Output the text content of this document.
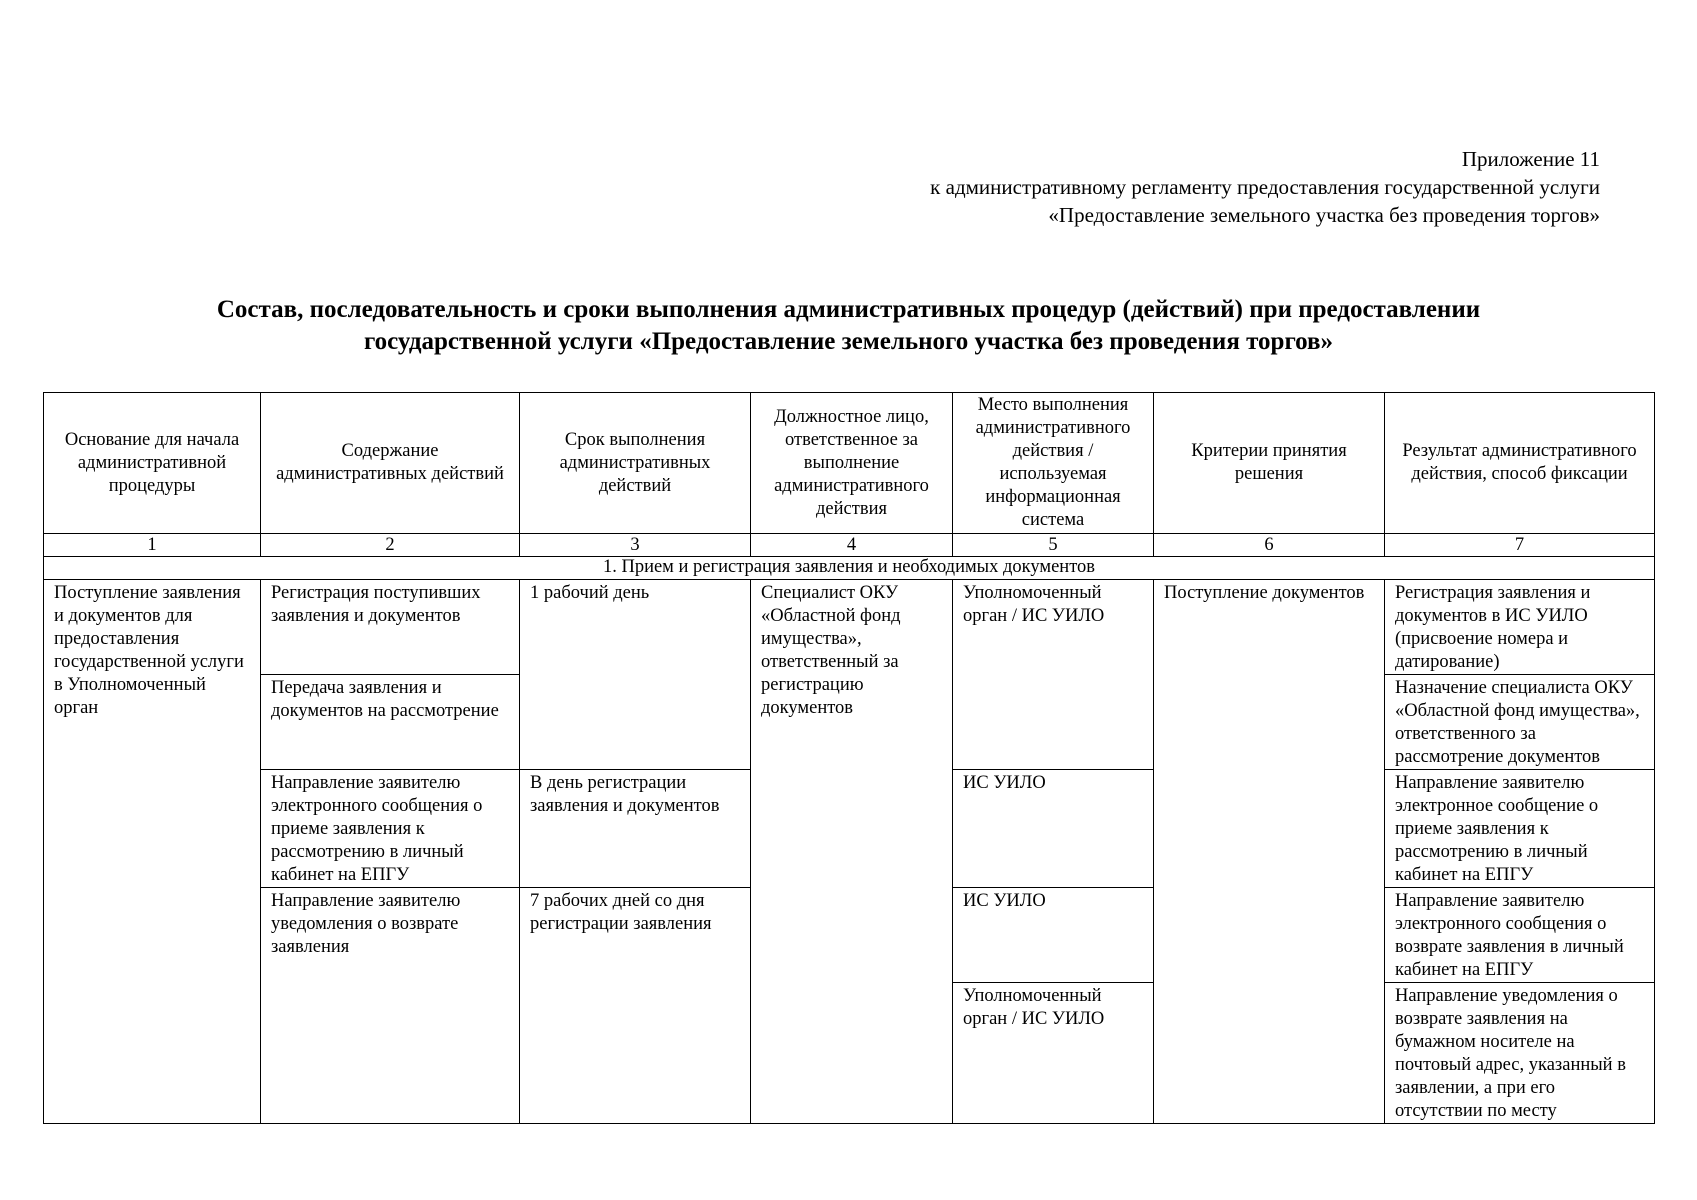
Приложение 11
к административному регламенту предоставления государственной услуги
«Предоставление земельного участка без проведения торгов»
Состав, последовательность и сроки выполнения административных процедур (действий) при предоставлении
государственной услуги «Предоставление земельного участка без проведения торгов»
Основание для начала административной процедуры	Содержание административных действий	Срок выполнения административных действий	Должностное лицо, ответственное за выполнение административного действия	Место выполнения административного действия / используемая информационная система	Критерии принятия решения	Результат административного действия, способ фиксации
1	2	3	4	5	6	7
1. Прием и регистрация заявления и необходимых документов						
Поступление заявления и документов для предоставления государственной услуги в Уполномоченный орган	Регистрация поступивших заявления и документов	1 рабочий день	Специалист ОКУ «Областной фонд имущества», ответственный за регистрацию документов	Уполномоченный орган / ИС УИЛО	Поступление документов	Регистрация заявления и документов в ИС УИЛО (присвоение номера и датирование)
	Передача заявления и документов на рассмотрение					Назначение специалиста ОКУ «Областной фонд имущества», ответственного за рассмотрение документов
	Направление заявителю электронного сообщения о приеме заявления к рассмотрению в личный кабинет на ЕПГУ	В день регистрации заявления и документов		ИС УИЛО		Направление заявителю электронное сообщение о приеме заявления к рассмотрению в личный кабинет на ЕПГУ
	Направление заявителю уведомления о возврате заявления	7 рабочих дней со дня регистрации заявления		ИС УИЛО		Направление заявителю электронного сообщения о возврате заявления в личный кабинет на ЕПГУ
				Уполномоченный орган / ИС УИЛО		Направление уведомления о возврате заявления на бумажном носителе на почтовый адрес, указанный в заявлении, а при его отсутствии по месту
